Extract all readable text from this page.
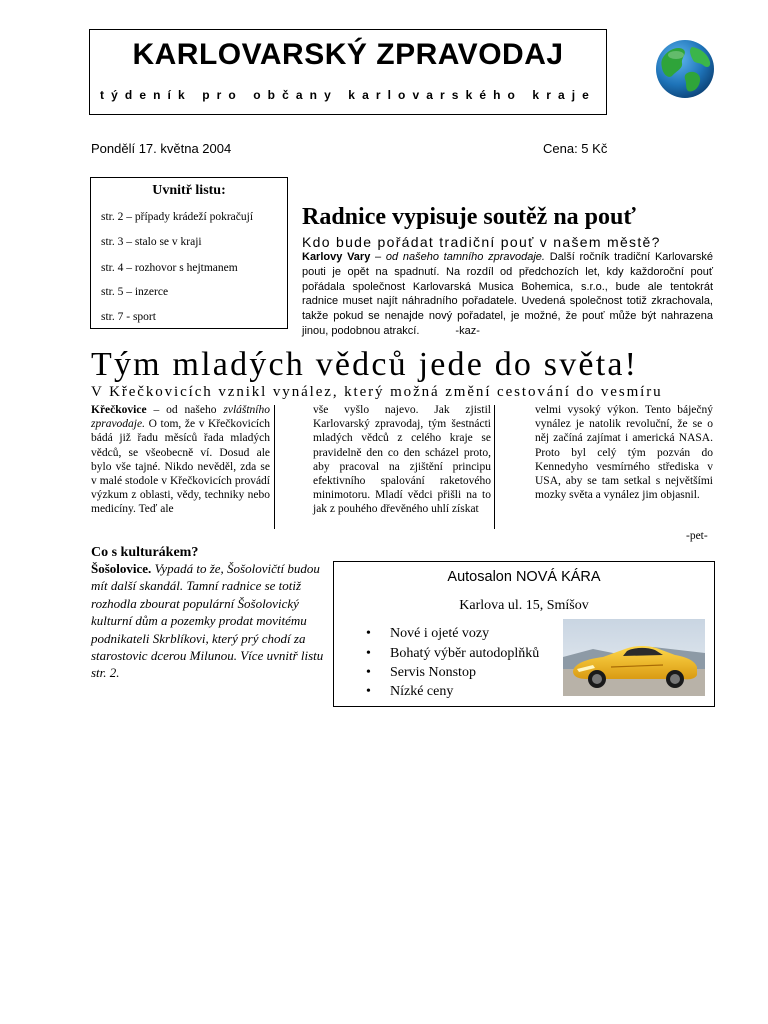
KARLOVARSKÝ ZPRAVODAJ
týdeník pro občany karlovarského kraje
Pondělí 17. května 2004	Cena: 5 Kč
Uvnitř listu:
str. 2 – případy krádeží pokračují
str. 3 – stalo se v kraji
str. 4 – rozhovor s hejtmanem
str. 5 – inzerce
str. 7 - sport
Radnice vypisuje soutěž na pouť
Kdo bude pořádat tradiční pouť v našem městě?
Karlovy Vary – od našeho tamního zpravodaje. Další ročník tradiční Karlovarské pouti je opět na spadnutí. Na rozdíl od předchozích let, kdy každoroční pouť pořádala společnost Karlovarská Musica Bohemica, s.r.o., bude ale tentokrát radnice muset najít náhradního pořadatele. Uvedená společnost totiž zkrachovala, takže pokud se nenajde nový pořadatel, je možné, že pouť může být nahrazena jinou, podobnou atrakcí.	-kaz-
Tým mladých vědců jede do světa!
V Křečkovicích vznikl vynález, který možná změní cestování do vesmíru
Křečkovice – od našeho zvláštního zpravodaje. O tom, že v Křečkovicích bádá již řadu měsíců řada mladých vědců, se všeobecně ví. Dosud ale bylo vše tajné. Nikdo nevěděl, zda se v malé stodole v Křečkovicích provádí výzkum z oblasti, vědy, techniky nebo medicíny. Teď ale
vše vyšlo najevo. Jak zjistil Karlovarský zpravodaj, tým šestnácti mladých vědců z celého kraje se pravidelně den co den scházel proto, aby pracoval na zjištění principu efektivního spalování raketového minimotoru. Mladí vědci přišli na to jak z pouhého dřevěného uhlí získat
velmi vysoký výkon. Tento báječný vynález je natolik revoluční, že se o něj začíná zajímat i americká NASA. Proto byl celý tým pozván do Kennedyho vesmírného střediska v USA, aby se tam setkal s největšími mozky světa a vynález jim objasnil.
-pet-
Co s kulturákem?
Šošolovice. Vypadá to že, Šošolovičtí budou mít další skandál. Tamní radnice se totiž rozhodla zbourat populární Šošolovický kulturní dům a pozemky prodat movitému podnikateli Skrblíkovi, který prý chodí za starostovic dcerou Milunou. Více uvnitř listu str. 2.
Autosalon NOVÁ KÁRA
Karlova ul. 15, Smíšov
• Nové i ojeté vozy
• Bohatý výběr autodoplňků
• Servis Nonstop
• Nízké ceny
